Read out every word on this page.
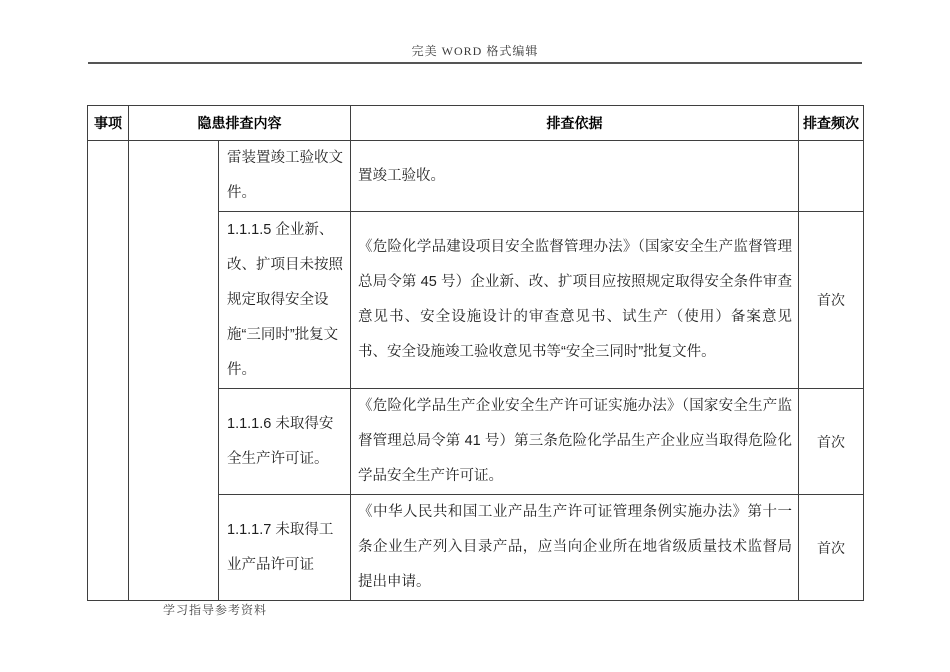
完美 WORD 格式编辑
事项	隐患排查内容		排查依据	排查频次
		雷装置竣工验收文件。	置竣工验收。	
		1.1.1.5 企业新、改、扩项目未按照规定取得安全设施“三同时”批复文件。	《危险化学品建设项目安全监督管理办法》（国家安全生产监督管理总局令第 45 号）企业新、改、扩项目应按照规定取得安全条件审查意见书、安全设施设计的审查意见书、试生产（使用）备案意见书、安全设施竣工验收意见书等“安全三同时”批复文件。	首次
		1.1.1.6 未取得安全生产许可证。	《危险化学品生产企业安全生产许可证实施办法》（国家安全生产监督管理总局令第 41 号）第三条危险化学品生产企业应当取得危险化学品安全生产许可证。	首次
		1.1.1.7 未取得工业产品许可证	《中华人民共和国工业产品生产许可证管理条例实施办法》第十一条企业生产列入目录产品，应当向企业所在地省级质量技术监督局提出申请。	首次
学习指导参考资料
